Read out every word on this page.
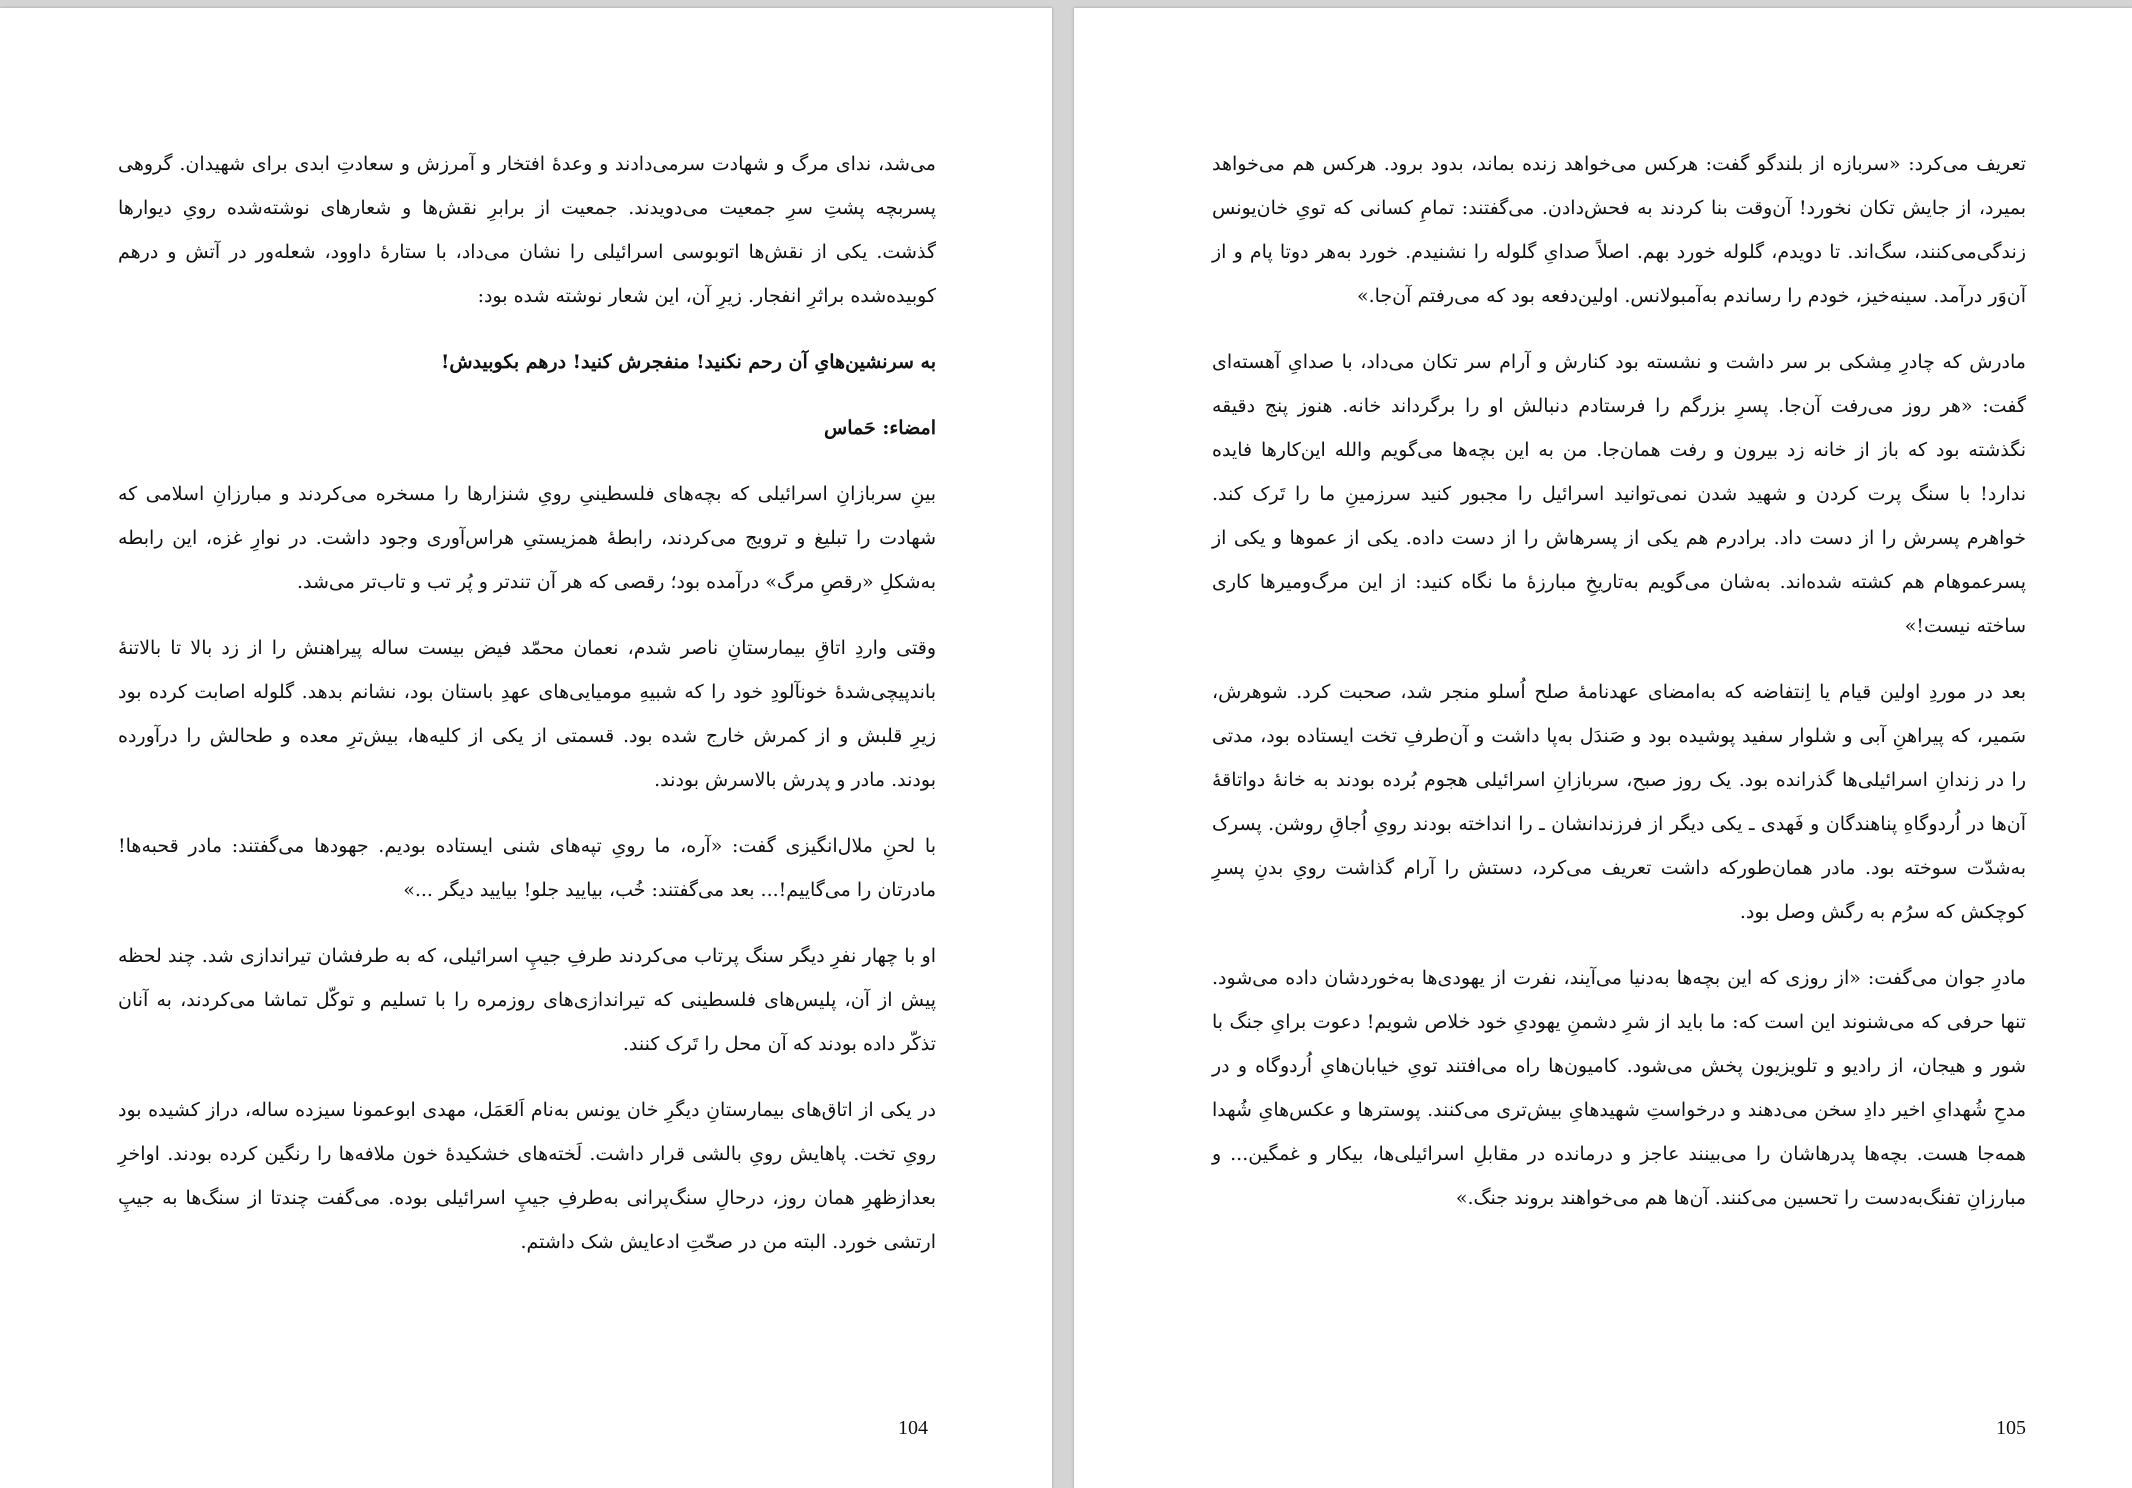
می‌شد، ندای مرگ و شهادت سرمی‌دادند و وعدهٔ افتخار و آمرزش و سعادتِ ابدی برای شهیدان. گروهی پسربچه پشتِ سرِ جمعیت می‌دویدند. جمعیت از برابرِ نقش‌ها و شعارهای نوشته‌شده رویِ دیوارها گذشت. یکی از نقش‌ها اتوبوسی اسرائیلی را نشان می‌داد، با ستارهٔ داوود، شعله‌ور در آتش و درهم کوبیده‌شده براثرِ انفجار. زیرِ آن، این شعار نوشته شده بود:

به سرنشین‌هایِ آن رحم نکنید! منفجرش کنید! درهم بکوبیدش!

امضاء: حَماس

بینِ سربازانِ اسرائیلی که بچه‌های فلسطینیِ رویِ شنزارها را مسخره می‌کردند و مبارزانِ اسلامی که شهادت را تبلیغ و ترویج می‌کردند، رابطهٔ همزیستیِ هراس‌آوری وجود داشت. در نوارِ غزه، این رابطه به‌شکلِ «رقصِ مرگ» درآمده بود؛ رقصی که هر آن تندتر و پُر تب و تاب‌تر می‌شد.

وقتی واردِ اتاقِ بیمارستانِ ناصر شدم، نعمان محمّد فیض بیست ساله پیراهنش را از زد بالا تا بالاتنهٔ باندپیچی‌شدهٔ خونآلودِ خود را که شبیهِ مومیایی‌های عهدِ باستان بود، نشانم بدهد. گلوله اصابت کرده بود زیرِ قلبش و از کمرش خارج شده بود. قسمتی از یکی از کلیه‌ها، بیش‌ترِ معده و طحالش را درآورده بودند. مادر و پدرش بالاسرش بودند.

با لحنِ ملال‌انگیزی گفت: «آره، ما رویِ تپه‌های شنی ایستاده بودیم. جهودها می‌گفتند: مادر قحبه‌ها! مادرتان را می‌گاییم!... بعد می‌گفتند: خُب، بیایید جلو! بیایید دیگر ...»

او با چهار نفرِ دیگر سنگ پرتاب می‌کردند طرفِ جیپِ اسرائیلی، که به طرفشان تیراندازی شد. چند لحظه پیش از آن، پلیس‌های فلسطینی که تیراندازی‌های روزمره را با تسلیم و توکّل تماشا می‌کردند، به آنان تذکّر داده بودند که آن محل را تَرک کنند.

در یکی از اتاق‌های بیمارستانِ دیگرِ خان یونس به‌نام اَلعَمَل، مهدی ابوعمونا سیزده ساله، دراز کشیده بود رویِ تخت. پاهایش رویِ بالشی قرار داشت. لَخته‌های خشکیدهٔ خون ملافه‌ها را رنگین کرده بودند. اواخرِ بعدازظهرِ همان روز، درحالِ سنگ‌پرانی به‌طرفِ جیپِ اسرائیلی بوده. می‌گفت چندتا از سنگ‌ها به جیپِ ارتشی خورد. البته من در صحّتِ ادعایش شک داشتم.

104

تعریف می‌کرد: «سربازه از بلندگو گفت: هرکس می‌خواهد زنده بماند، بدود برود. هرکس هم می‌خواهد بمیرد، از جایش تکان نخورد! آن‌وقت بنا کردند به فحش‌دادن. می‌گفتند: تمامِ کسانی که تویِ خان‌یونس زندگی‌می‌کنند، سگ‌اند. تا دویدم، گلوله خورد بهم. اصلاً صدایِ گلوله را نشنیدم. خورد به‌هر دوتا پام و از آن‌وَر درآمد. سینه‌خیز، خودم را رساندم به‌آمبولانس. اولین‌دفعه بود که می‌رفتم آن‌جا.»

مادرش که چادرِ مِشکی بر سر داشت و نشسته بود کنارش و آرام سر تکان می‌داد، با صدایِ آهسته‌ای گفت: «هر روز می‌رفت آن‌جا. پسرِ بزرگم را فرستادم دنبالش او را برگرداند خانه. هنوز پنج دقیقه نگذشته بود که باز از خانه زد بیرون و رفت همان‌جا. من به این بچه‌ها می‌گویم والله این‌کارها فایده ندارد! با سنگ پرت کردن و شهید شدن نمی‌توانید اسرائیل را مجبور کنید سرزمینِ ما را تَرک کند. خواهرم پسرش را از دست داد. برادرم هم یکی از پسرهاش را از دست داده. یکی از عموها و یکی از پسرعموهام هم کشته شده‌اند. به‌شان می‌گویم به‌تاریخِ مبارزهٔ ما نگاه کنید: از این مرگ‌ومیرها کاری ساخته نیست!»

بعد در موردِ اولین قیام یا اِنتفاضه که به‌امضای عهدنامهٔ صلح اُسلو منجر شد، صحبت کرد. شوهرش، سَمیر، که پیراهنِ آبی و شلوار سفید پوشیده بود و صَندَل به‌پا داشت و آن‌طرفِ تخت ایستاده بود، مدتی را در زندانِ اسرائیلی‌ها گذرانده بود. یک روز صبح، سربازانِ اسرائیلی هجوم بُرده بودند به خانهٔ دواتاقهٔ آن‌ها در اُردوگاهِ پناهندگان و فَهدی ـ یکی دیگر از فرزندانشان ـ را انداخته بودند رویِ اُجاقِ روشن. پسرک به‌شدّت سوخته بود. مادر همان‌طورکه داشت تعریف می‌کرد، دستش را آرام گذاشت رویِ بدنِ پسرِ کوچکش که سرُم به رگش وصل بود.

مادرِ جوان می‌گفت: «از روزی که این بچه‌ها به‌دنیا می‌آیند، نفرت از یهودی‌ها به‌خوردشان داده می‌شود. تنها حرفی که می‌شنوند این است که: ما باید از شرِ دشمنِ یهودیِ خود خلاص شویم! دعوت برایِ جنگ با شور و هیجان، از رادیو و تلویزیون پخش می‌شود. کامیون‌ها راه می‌افتند تویِ خیابان‌هایِ اُردوگاه و در مدحِ شُهدایِ اخیر دادِ سخن می‌دهند و درخواستِ شهیدهایِ بیش‌تری می‌کنند. پوسترها و عکس‌هایِ شُهدا همه‌جا هست. بچه‌ها پدرهاشان را می‌بینند عاجز و درمانده در مقابلِ اسرائیلی‌ها، بیکار و غمگین... و مبارزانِ تفنگ‌به‌دست را تحسین می‌کنند. آن‌ها هم می‌خواهند بروند جنگ.»

105
